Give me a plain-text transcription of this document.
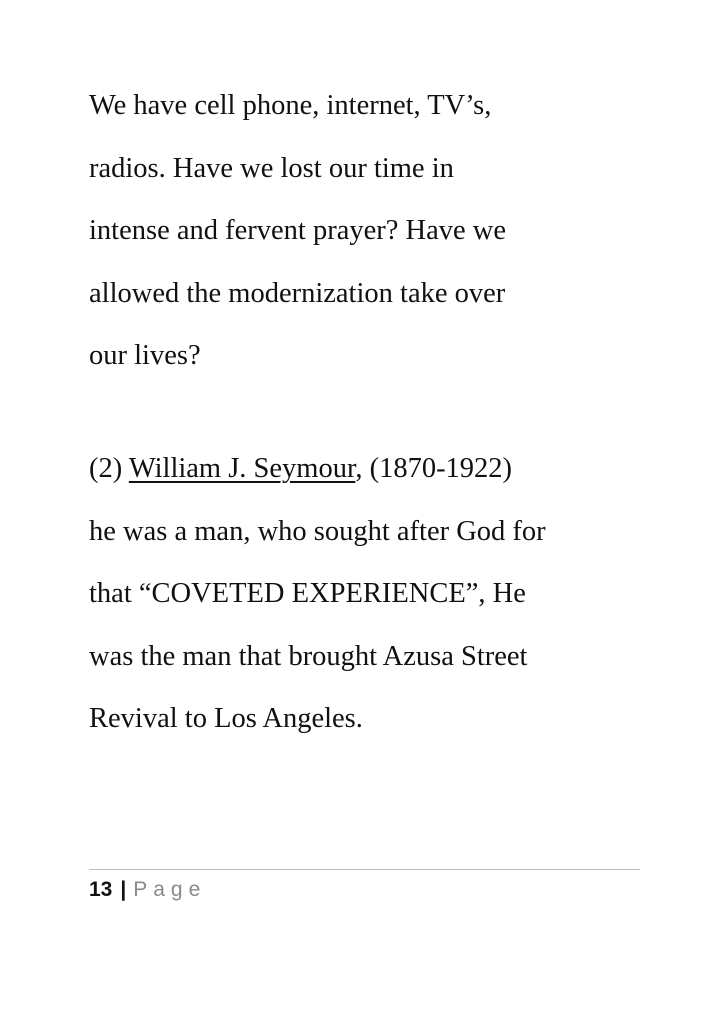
We have cell phone, internet, TV’s,
radios. Have we lost our time in
intense and fervent prayer? Have we
allowed the modernization take over
our lives?
(2) William J. Seymour, (1870-1922)
he was a man, who sought after God for
that “COVETED EXPERIENCE”, He
was the man that brought Azusa Street
Revival to Los Angeles.
13 | Page
